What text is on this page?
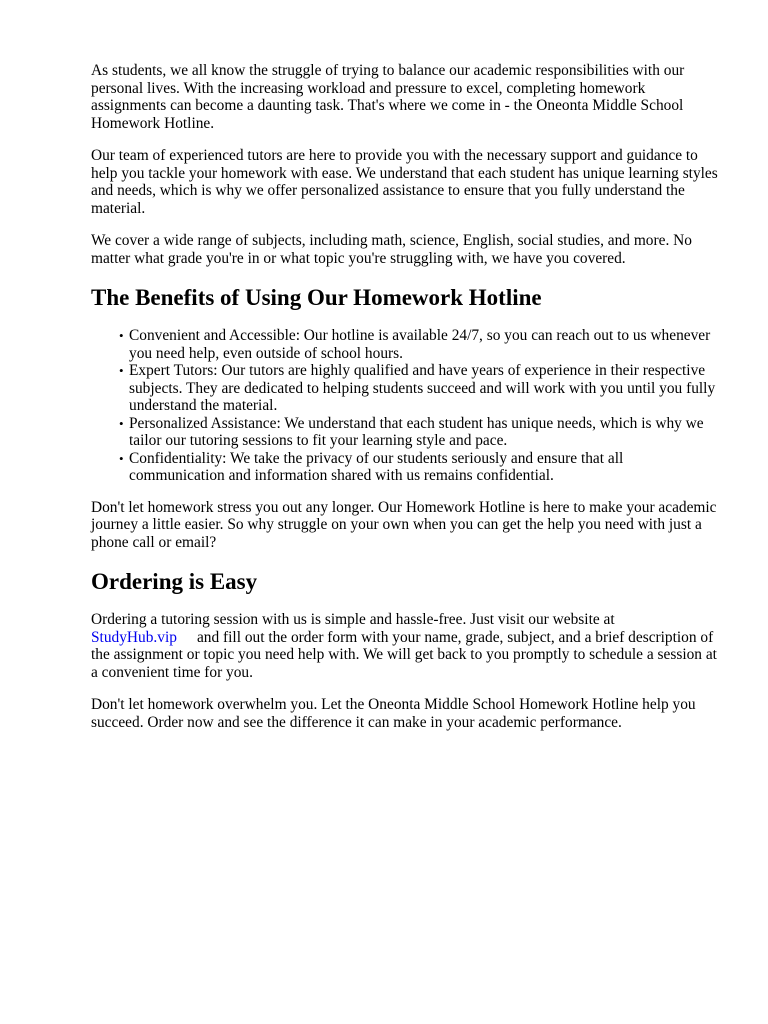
As students, we all know the struggle of trying to balance our academic responsibilities with our personal lives. With the increasing workload and pressure to excel, completing homework assignments can become a daunting task. That's where we come in - the Oneonta Middle School Homework Hotline.

Our team of experienced tutors are here to provide you with the necessary support and guidance to help you tackle your homework with ease. We understand that each student has unique learning styles and needs, which is why we offer personalized assistance to ensure that you fully understand the material.

We cover a wide range of subjects, including math, science, English, social studies, and more. No matter what grade you're in or what topic you're struggling with, we have you covered.

The Benefits of Using Our Homework Hotline
• Convenient and Accessible: Our hotline is available 24/7, so you can reach out to us whenever you need help, even outside of school hours.
• Expert Tutors: Our tutors are highly qualified and have years of experience in their respective subjects. They are dedicated to helping students succeed and will work with you until you fully understand the material.
• Personalized Assistance: We understand that each student has unique needs, which is why we tailor our tutoring sessions to fit your learning style and pace.
• Confidentiality: We take the privacy of our students seriously and ensure that all communication and information shared with us remains confidential.

Don't let homework stress you out any longer. Our Homework Hotline is here to make your academic journey a little easier. So why struggle on your own when you can get the help you need with just a phone call or email?

Ordering is Easy

Ordering a tutoring session with us is simple and hassle-free. Just visit our website at
StudyHub.vip and fill out the order form with your name, grade, subject, and a brief description of the assignment or topic you need help with. We will get back to you promptly to schedule a session at a convenient time for you.

Don't let homework overwhelm you. Let the Oneonta Middle School Homework Hotline help you succeed. Order now and see the difference it can make in your academic performance.
